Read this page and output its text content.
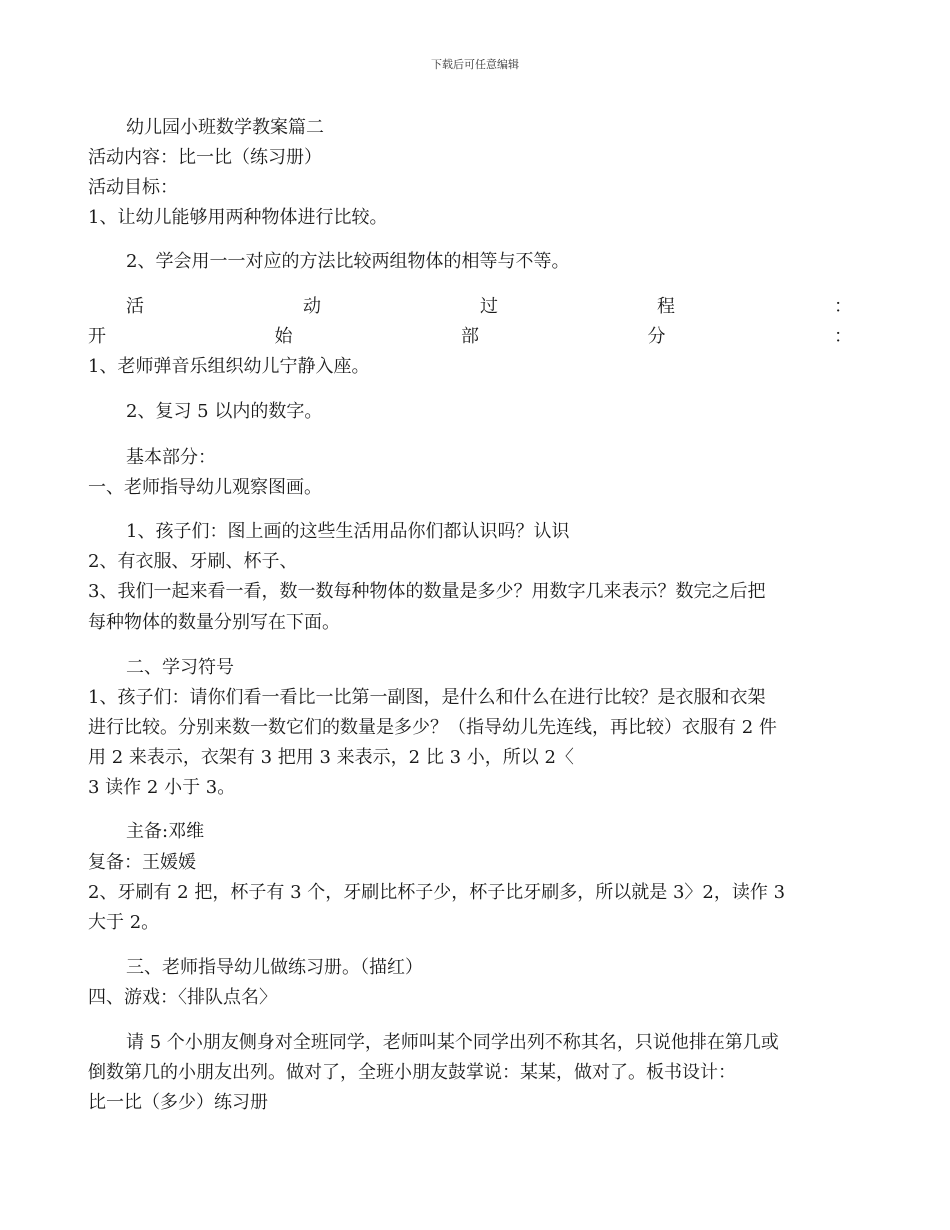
下载后可任意编辑
幼儿园小班数学教案篇二
活动内容：比一比（练习册）
活动目标：
1、让幼儿能够用两种物体进行比较。
2、学会用一一对应的方法比较两组物体的相等与不等。
活	动	过	程	：
开	始	部	分	：
1、老师弹音乐组织幼儿宁静入座。
2、复习 5 以内的数字。
基本部分：
一、老师指导幼儿观察图画。
1、孩子们：图上画的这些生活用品你们都认识吗？认识
2、有衣服、牙刷、杯子、
3、我们一起来看一看，数一数每种物体的数量是多少？用数字几来表示？数完之后把
每种物体的数量分别写在下面。
二、学习符号
1、孩子们：请你们看一看比一比第一副图，是什么和什么在进行比较？是衣服和衣架
进行比较。分别来数一数它们的数量是多少？（指导幼儿先连线，再比较）衣服有 2 件
用 2 来表示，衣架有 3 把用 3 来表示，2 比 3 小，所以 2〈
3 读作 2 小于 3。
主备:邓维
复备：王媛媛
2、牙刷有 2 把，杯子有 3 个，牙刷比杯子少，杯子比牙刷多，所以就是 3〉2，读作 3
大于 2。
三、老师指导幼儿做练习册。（描红）
四、游戏：〈排队点名〉
请 5 个小朋友侧身对全班同学，老师叫某个同学出列不称其名，只说他排在第几或
倒数第几的小朋友出列。做对了，全班小朋友鼓掌说：某某，做对了。板书设计：
比一比（多少）练习册
